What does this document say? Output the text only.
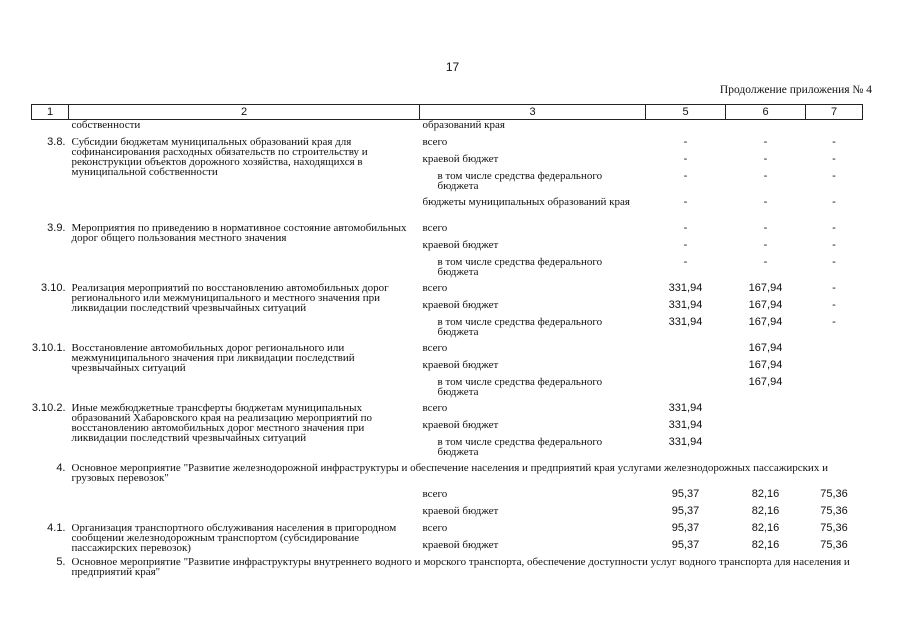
17
Продолжение приложения № 4
1	2	3	5	6	7
	собственности	образований края			
3.8.	Субсидии бюджетам муниципальных образований края для софинансирования расходных обязательств по строительству и реконструкции объектов дорожного хозяйства, находящихся в муниципальной собственности	всего	-	-	-
		краевой бюджет	-	-	-
		в том числе средства федерального бюджета	-	-	-
		бюджеты муниципальных образований края	-	-	-
3.9.	Мероприятия по приведению в нормативное состояние автомобильных дорог общего пользования местного значения	всего	-	-	-
		краевой бюджет	-	-	-
		в том числе средства федерального бюджета	-	-	-
3.10.	Реализация мероприятий по восстановлению автомобильных дорог регионального или межмуниципального и местного значения при ликвидации последствий чрезвычайных ситуаций	всего	331,94	167,94	-
		краевой бюджет	331,94	167,94	-
		в том числе средства федерального бюджета	331,94	167,94	-
3.10.1.	Восстановление автомобильных дорог регионального или межмуниципального значения при ликвидации последствий чрезвычайных ситуаций	всего		167,94	
		краевой бюджет		167,94	
		в том числе средства федерального бюджета		167,94	
3.10.2.	Иные межбюджетные трансферты бюджетам муниципальных образований Хабаровского края на реализацию мероприятий по восстановлению автомобильных дорог местного значения при ликвидации последствий чрезвычайных ситуаций	всего	331,94		
		краевой бюджет	331,94		
		в том числе средства федерального бюджета	331,94		
4.	Основное мероприятие "Развитие железнодорожной инфраструктуры и обеспечение населения и предприятий края услугами железнодорожных пассажирских и грузовых перевозок"				
		всего	95,37	82,16	75,36
		краевой бюджет	95,37	82,16	75,36
4.1.	Организация транспортного обслуживания населения в пригородном сообщении железнодорожным транспортом (субсидирование пассажирских перевозок)	всего	95,37	82,16	75,36
		краевой бюджет	95,37	82,16	75,36
5.	Основное мероприятие "Развитие инфраструктуры внутреннего водного и морского транспорта, обеспечение доступности услуг водного транспорта для населения и предприятий края"				
